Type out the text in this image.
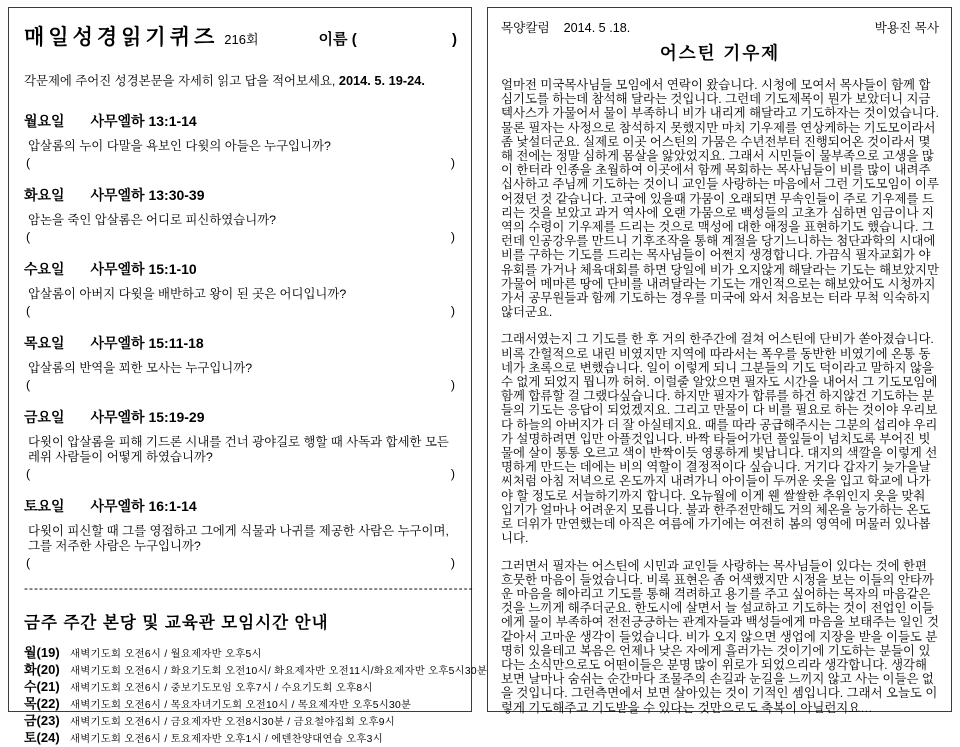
매일성경읽기퀴즈 216회	이름 (	)
각문제에 주어진 성경본문을 자세히 읽고 답을 적어보세요, 2014. 5. 19-24.
월요일 사무엘하 13:1-14
압살롬의 누이 다말을 욕보인 다윗의 아들은 누구입니까?
(	)
화요일 사무엘하 13:30-39
암논을 죽인 압살롬은 어디로 피신하였습니까?
(	)
수요일 사무엘하 15:1-10
압살롬이 아버지 다윗을 배반하고 왕이 된 곳은 어디입니까?
(	)
목요일 사무엘하 15:11-18
압살롬의 반역을 꾀한 모사는 누구입니까?
(	)
금요일 사무엘하 15:19-29
다윗이 압살롬을 피해 기드론 시내를 건너 광야길로 행할 때 사독과 합세한 모든 레위 사람들이 어떻게 하였습니까?
(	)
토요일 사무엘하 16:1-14
다윗이 피신할 때 그를 영접하고 그에게 식물과 나귀를 제공한 사람은 누구이며, 그를 저주한 사람은 누구입니까?
(	)
------------------------------------------------------------------------------------------
금주 주간 본당 및 교육관 모임시간 안내
월(19)	새벽기도회 오전6시 / 월요제자반 오후5시
화(20)	새벽기도회 오전6시 / 화요기도회 오전10시/ 화요제자반 오전11시/화요제자반 오후5시30분
수(21)	새벽기도회 오전6시 / 중보기도모임 오후7시 / 수요기도회 오후8시
목(22)	새벽기도회 오전6시 / 목요자녀기도회 오전10시 / 목요제자반 오후5시30분
금(23)	새벽기도회 오전6시 / 금요제자반 오전8시30분 / 금요철야집회 오후9시
토(24)	새벽기도회 오전6시 / 토요제자반 오후1시 / 에덴찬양대연습 오후3시
목양칼럼 2014. 5 .18.	박용진 목사
어스틴 기우제

얼마전 미국목사님들 모임에서 연락이 왔습니다. 시청에 모여서 목사들이 함께 합심기도를 하는데 참석해 달라는 것입니다. 그런데 기도제목이 뭔가 보았더니 지금 텍사스가 가물어서 물이 부족하니 비가 내리게 해달라고 기도하자는 것이었습니다. 물론 필자는 사정으로 참석하지 못했지만 마치 기우제를 연상케하는 기도모이라서 좀 낯설더군요. 실제로 이곳 어스틴의 가뭄은 수년전부터 진행되어온 것이라서 몇해 전에는 정말 심하게 몸살을 앓았었지요. 그래서 시민들이 물부족으로 고생을 많이 한터라 인종을 초월하여 이곳에서 함께 목회하는 목사님들이 비를 많이 내려주십사하고 주님께 기도하는 것이니 교인들 사랑하는 마음에서 그런 기도모임이 이루어졌던 것 같습니다. 고국에 있을때 가뭄이 오래되면 무속인들이 주로 기우제를 드리는 것을 보았고 과거 역사에 오랜 가뭄으로 백성들의 고초가 심하면 임금이나 지역의 수령이 기우제를 드리는 것으로 맥성에 대한 애정을 표현하기도 했습니다. 그런데 인공강우를 만드니 기후조작을 통해 계절을 당기느니하는 첨단과학의 시대에 비를 구하는 기도를 드리는 목사님들이 어쩐지 생경합니다. 가끔식 필자교회가 야유회를 가거나 체육대회를 하면 당일에 비가 오지않게 해달라는 기도는 해보았지만 가물어 메마른 땅에 단비를 내려달라는 기도는 개인적으로는 해보았어도 시청까지 가서 공무원들과 함께 기도하는 경우를 미국에 와서 처음보는 터라 무척 익숙하지 않더군요.

그래서였는지 그 기도를 한 후 거의 한주간에 걸쳐 어스틴에 단비가 쏟아졌습니다. 비록 간헐적으로 내린 비였지만 지역에 따라서는 폭우를 동반한 비였기에 온통 동네가 초록으로 변했습니다. 일이 이렇게 되니 그분들의 기도 덕이라고 말하지 않을 수 없게 되었지 뭡니까 허허. 이럴줄 알았으면 필자도 시간을 내어서 그 기도모임에 함께 합류할 걸 그랬다싶습니다. 하지만 필자가 합류를 하건 하지않건 기도하는 분들의 기도는 응답이 되었겠지요. 그리고 만물이 다 비를 필요로 하는 것이야 우리보다 하늘의 아버지가 더 잘 아실테지요. 때를 따라 공급해주시는 그분의 섭리야 우리가 설명하려면 입만 아플것입니다. 바짝 타들어가던 풀잎들이 넘치도록 부어진 빗물에 살이 통통 오르고 색이 반짝이듯 영롱하게 빛납니다. 대지의 색깔을 이렇게 선명하게 만드는 데에는 비의 역할이 결정적이다 싶습니다. 거기다 갑자기 늦가을날씨처럼 아침 저녁으로 온도까지 내려가니 아이들이 두꺼운 옷을 입고 학교에 나가야 할 정도로 서늘하기까지 합니다. 오뉴월에 이게 웬 쌀쌀한 추위인지 옷을 맞춰 입기가 얼마나 어려운지 모릅니다. 불과 한주전만해도 거의 체온을 능가하는 온도로 더위가 만연했는데 아직은 여름에 가기에는 여전히 봄의 영역에 머물러 있나봅니다.

그러면서 필자는 어스틴에 시민과 교인들 사랑하는 목사님들이 있다는 것에 한편 흐뭇한 마음이 들었습니다. 비록 표현은 좀 어색했지만 시정을 보는 이들의 안타까운 마음을 헤아리고 기도를 통해 격려하고 용기를 주고 싶어하는 목자의 마음같은 것을 느끼게 해주더군요. 한도시에 살면서 늘 설교하고 기도하는 것이 전업인 이들에게 물이 부족하여 전전긍긍하는 관계자들과 백성들에게 마음을 보태주는 일인 것 같아서 고마운 생각이 들었습니다. 비가 오지 않으면 생업에 지장을 받을 이들도 분명히 있을테고 복음은 언제나 낮은 자에게 흘러가는 것이기에 기도하는 분들이 있다는 소식만으로도 어떤이들은 분명 많이 위로가 되었으리라 생각합니다. 생각해 보면 날마나 숨쉬는 순간마다 조물주의 손길과 눈길을 느끼지 않고 사는 이들은 없을 것입니다. 그런측면에서 보면 살아있는 것이 기적인 셈입니다. 그래서 오늘도 이렇게 기도해주고 기도받을 수 있다는 것만으로도 축복이 아닐런지요…
